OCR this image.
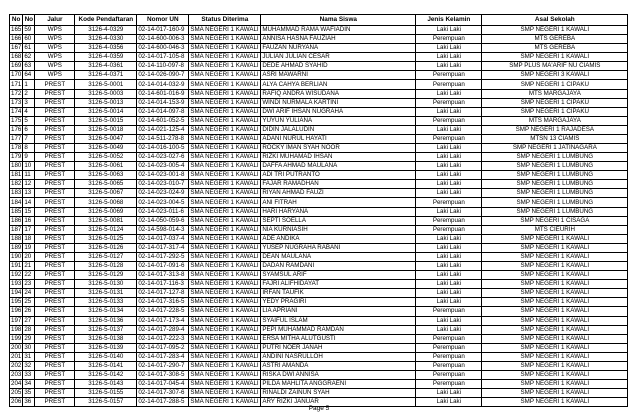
No	No	Jalur	Kode Pendaftaran	Nomor UN	Status Diterima	Nama Siswa	Jenis Kelamin	Asal Sekolah
165	59	WPS	3126-4-0329	02-14-017-160-9	SMA NEGERI 1 KAWALI	MUHAMMAD RAMA WAFIADIN	Laki Laki	SMP NEGERI 1 KAWALI
166	60	WPS	3126-4-0330	02-14-600-006-3	SMA NEGERI 1 KAWALI	ANNISA HASNA FAUZIAH	Perempuan	MTS GEREBA
167	61	WPS	3126-4-0356	02-14-600-046-3	SMA NEGERI 1 KAWALI	FAUZAN NURYANA	Laki Laki	MTS GEREBA
168	62	WPS	3126-4-0359	02-14-017-105-8	SMA NEGERI 1 KAWALI	JULIAN JULIAN CESAR	Laki Laki	SMP NEGERI 1 KAWALI
169	63	WPS	3126-4-0361	02-14-110-097-8	SMA NEGERI 1 KAWALI	DEDE AHMAD SYAHID	Laki Laki	SMP PLUS MA'ARIF NU CIAMIS
170	64	WPS	3126-4-0371	02-14-026-090-7	SMA NEGERI 1 KAWALI	ASRI MAWARNI	Perempuan	SMP NEGERI 3 KAWALI
171	1	PREST	3126-5-0001	02-14-014-032-9	SMA NEGERI 1 KAWALI	ALYA CAHYA BERLIAN	Perempuan	SMP NEGERI 1 CIPAKU
172	2	PREST	3126-5-0003	02-14-601-016-9	SMA NEGERI 1 KAWALI	RAFIQ ANDRA WISUDANA	Laki Laki	MTS MARGAJAYA
173	3	PREST	3126-5-0013	02-14-014-153-9	SMA NEGERI 1 KAWALI	WINDI NURMALA KARTINI	Perempuan	SMP NEGERI 1 CIPAKU
174	4	PREST	3126-5-0014	02-14-014-097-8	SMA NEGERI 1 KAWALI	DWI ARIF IHSAN NUGRAHA	Laki Laki	SMP NEGERI 1 CIPAKU
175	5	PREST	3126-5-0015	02-14-601-052-5	SMA NEGERI 1 KAWALI	YUYUN YULIANA	Perempuan	MTS MARGAJAYA
176	6	PREST	3126-5-0018	02-14-021-125-4	SMA NEGERI 1 KAWALI	DIDIN JALALUDIN	Laki Laki	SMP NEGERI 1 RAJADESA
177	7	PREST	3126-5-0047	02-14-511-278-8	SMA NEGERI 1 KAWALI	ADANI NURUL HAYATI	Perempuan	MTSN 13 CIAMIS
178	8	PREST	3126-5-0049	02-14-016-100-5	SMA NEGERI 1 KAWALI	ROCKY IMAN SYAH NOOR	Laki Laki	SMP NEGERI 1 JATINAGARA
179	9	PREST	3126-5-0052	02-14-023-027-6	SMA NEGERI 1 KAWALI	RIZKI MUHAMAD IHSAN	Laki Laki	SMP NEGERI 1 LUMBUNG
180	10	PREST	3126-5-0061	02-14-023-005-4	SMA NEGERI 1 KAWALI	DAFFA AHMAD MAULANA	Laki Laki	SMP NEGERI 1 LUMBUNG
181	11	PREST	3126-5-0063	02-14-023-001-8	SMA NEGERI 1 KAWALI	ADI TRI PUTRANTO	Laki Laki	SMP NEGERI 1 LUMBUNG
182	12	PREST	3126-5-0065	02-14-023-010-7	SMA NEGERI 1 KAWALI	FAJAR RAMADHAN	Laki Laki	SMP NEGERI 1 LUMBUNG
183	13	PREST	3126-5-0067	02-14-023-024-9	SMA NEGERI 1 KAWALI	RIYAN AHMAD FAUZI	Laki Laki	SMP NEGERI 1 LUMBUNG
184	14	PREST	3126-5-0068	02-14-023-004-5	SMA NEGERI 1 KAWALI	ANI FITRAH	Perempuan	SMP NEGERI 1 LUMBUNG
185	15	PREST	3126-5-0069	02-14-023-011-6	SMA NEGERI 1 KAWALI	HARI HARYANA	Laki Laki	SMP NEGERI 1 LUMBUNG
186	16	PREST	3126-5-0081	02-14-050-059-6	SMA NEGERI 1 KAWALI	SEPTI SOELLA	Perempuan	SMP NEGERI 1 CISAGA
187	17	PREST	3126-5-0124	02-14-598-014-3	SMA NEGERI 1 KAWALI	NIA KURNIASIH	Perempuan	MTS CIEURIH
188	18	PREST	3126-5-0125	02-14-017-037-4	SMA NEGERI 1 KAWALI	ADE ANDIKA	Laki Laki	SMP NEGERI 1 KAWALI
189	19	PREST	3126-5-0126	02-14-017-317-4	SMA NEGERI 1 KAWALI	YUSEP NUGRAHA RABANI	Laki Laki	SMP NEGERI 1 KAWALI
190	20	PREST	3126-5-0127	02-14-017-292-5	SMA NEGERI 1 KAWALI	DEAN MAULANA	Laki Laki	SMP NEGERI 1 KAWALI
191	21	PREST	3126-5-0128	02-14-017-091-6	SMA NEGERI 1 KAWALI	DADAN RAMDANI	Laki Laki	SMP NEGERI 1 KAWALI
192	22	PREST	3126-5-0129	02-14-017-313-8	SMA NEGERI 1 KAWALI	SYAMSUL ARIF	Laki Laki	SMP NEGERI 1 KAWALI
193	23	PREST	3126-5-0130	02-14-017-116-3	SMA NEGERI 1 KAWALI	FAJRI ALIFHIDAYAT	Laki Laki	SMP NEGERI 1 KAWALI
194	24	PREST	3126-5-0131	02-14-017-127-8	SMA NEGERI 1 KAWALI	IRFAN TAUFIK	Laki Laki	SMP NEGERI 1 KAWALI
195	25	PREST	3126-5-0133	02-14-017-316-5	SMA NEGERI 1 KAWALI	YEDY PRAGIRI	Laki Laki	SMP NEGERI 1 KAWALI
196	26	PREST	3126-5-0134	02-14-017-228-5	SMA NEGERI 1 KAWALI	LIA APRIANI	Perempuan	SMP NEGERI 1 KAWALI
197	27	PREST	3126-5-0136	02-14-017-173-4	SMA NEGERI 1 KAWALI	SYAIFUL ISLAM	Laki Laki	SMP NEGERI 1 KAWALI
198	28	PREST	3126-5-0137	02-14-017-289-4	SMA NEGERI 1 KAWALI	PEPI MUHAMMAD RAMDAN	Laki Laki	SMP NEGERI 1 KAWALI
199	29	PREST	3126-5-0138	02-14-017-222-3	SMA NEGERI 1 KAWALI	ERSA MITHA ALUTGUSTI	Perempuan	SMP NEGERI 1 KAWALI
200	30	PREST	3126-5-0139	02-14-017-095-2	SMA NEGERI 1 KAWALI	PUTRI NOER JANAH	Perempuan	SMP NEGERI 1 KAWALI
201	31	PREST	3126-5-0140	02-14-017-283-4	SMA NEGERI 1 KAWALI	ANDINI NASRULLOH	Perempuan	SMP NEGERI 1 KAWALI
202	32	PREST	3126-5-0141	02-14-017-290-7	SMA NEGERI 1 KAWALI	ASTRI AMANDA	Perempuan	SMP NEGERI 1 KAWALI
203	33	PREST	3126-5-0142	02-14-017-308-5	SMA NEGERI 1 KAWALI	RISKA DWI ANNISA	Perempuan	SMP NEGERI 1 KAWALI
204	34	PREST	3126-5-0143	02-14-017-045-4	SMA NEGERI 1 KAWALI	PILDA MAHLITA ANGGRAENI	Perempuan	SMP NEGERI 1 KAWALI
205	35	PREST	3126-5-0155	02-14-017-307-6	SMA NEGERI 1 KAWALI	RINALDI ZAINUN SYAH	Laki Laki	SMP NEGERI 1 KAWALI
206	36	PREST	3126-5-0157	02-14-017-288-5	SMA NEGERI 1 KAWALI	ARY RIZKI JANUAR	Laki Laki	SMP NEGERI 1 KAWALI
Page 5
